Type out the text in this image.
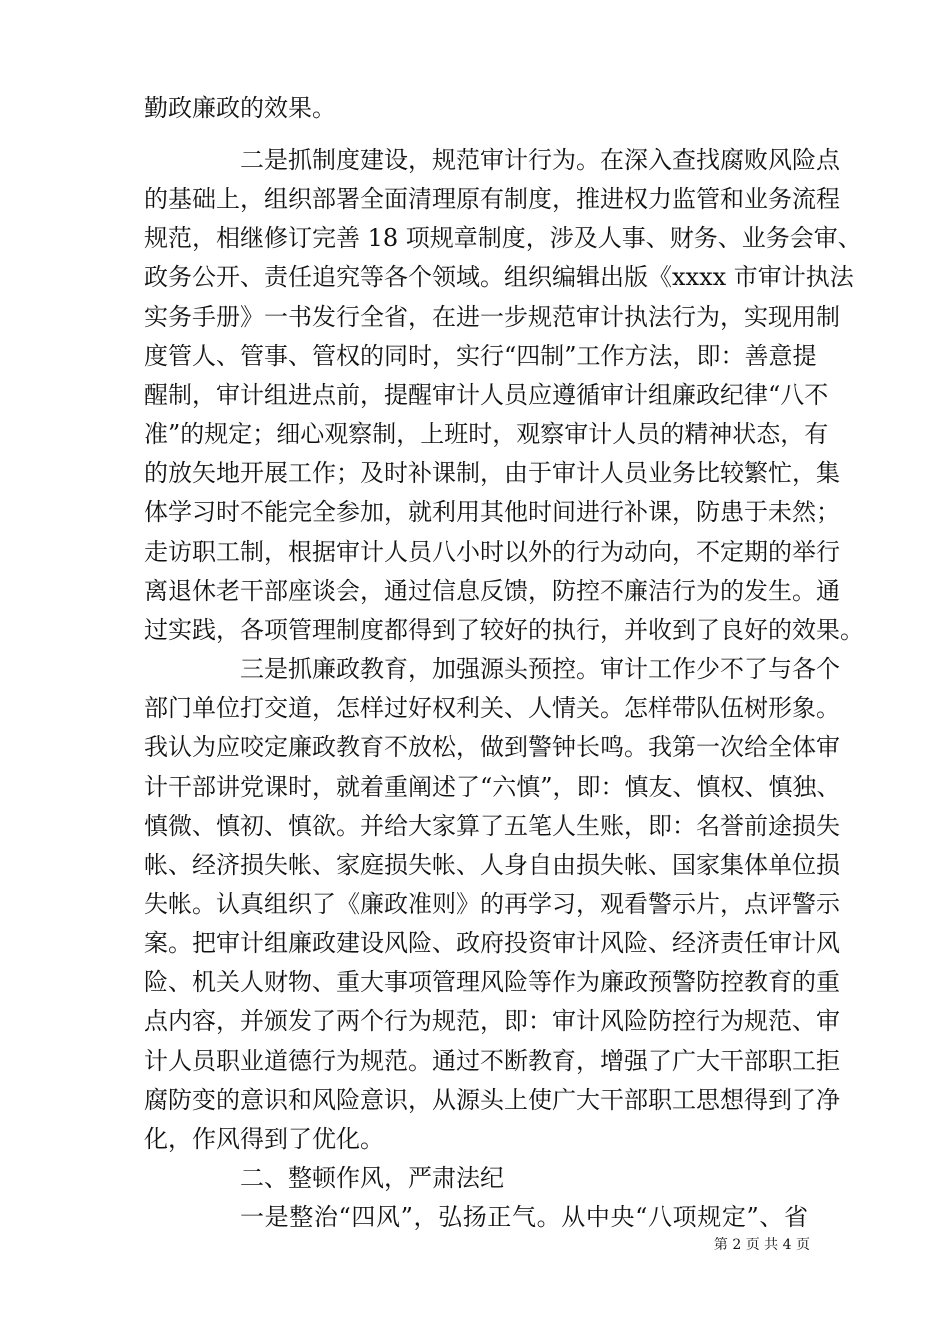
勤政廉政的效果。
二是抓制度建设，规范审计行为。在深入查找腐败风险点
的基础上，组织部署全面清理原有制度，推进权力监管和业务流程
规范，相继修订完善 18 项规章制度，涉及人事、财务、业务会审、
政务公开、责任追究等各个领域。组织编辑出版《xxxx 市审计执法
实务手册》一书发行全省，在进一步规范审计执法行为，实现用制
度管人、管事、管权的同时，实行“四制”工作方法，即：善意提
醒制，审计组进点前，提醒审计人员应遵循审计组廉政纪律“八不
准”的规定；细心观察制，上班时，观察审计人员的精神状态，有
的放矢地开展工作；及时补课制，由于审计人员业务比较繁忙，集
体学习时不能完全参加，就利用其他时间进行补课，防患于未然；
走访职工制，根据审计人员八小时以外的行为动向，不定期的举行
离退休老干部座谈会，通过信息反馈，防控不廉洁行为的发生。通
过实践，各项管理制度都得到了较好的执行，并收到了良好的效果。
三是抓廉政教育，加强源头预控。审计工作少不了与各个
部门单位打交道，怎样过好权利关、人情关。怎样带队伍树形象。
我认为应咬定廉政教育不放松，做到警钟长鸣。我第一次给全体审
计干部讲党课时，就着重阐述了“六慎”，即：慎友、慎权、慎独、
慎微、慎初、慎欲。并给大家算了五笔人生账，即：名誉前途损失
帐、经济损失帐、家庭损失帐、人身自由损失帐、国家集体单位损
失帐。认真组织了《廉政准则》的再学习，观看警示片，点评警示
案。把审计组廉政建设风险、政府投资审计风险、经济责任审计风
险、机关人财物、重大事项管理风险等作为廉政预警防控教育的重
点内容，并颁发了两个行为规范，即：审计风险防控行为规范、审
计人员职业道德行为规范。通过不断教育，增强了广大干部职工拒
腐防变的意识和风险意识，从源头上使广大干部职工思想得到了净
化，作风得到了优化。
二、整顿作风，严肃法纪
一是整治“四风”，弘扬正气。从中央“八项规定”、省
第 2 页 共 4 页
